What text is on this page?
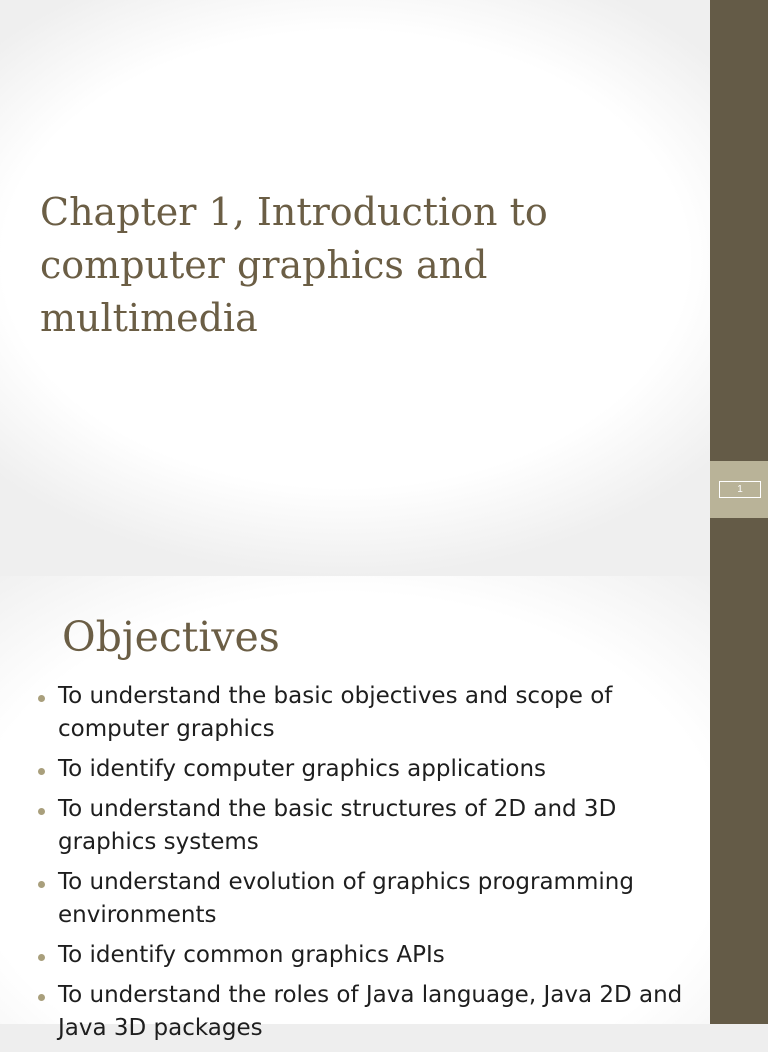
Chapter 1, Introduction to
computer graphics and
multimedia
1
Objectives
To understand the basic objectives and scope of
computer graphics
To identify computer graphics applications
To understand the basic structures of 2D and 3D
graphics systems
To understand evolution of graphics programming
environments
To identify common graphics APIs
To understand the roles of Java language, Java 2D and
Java 3D packages
